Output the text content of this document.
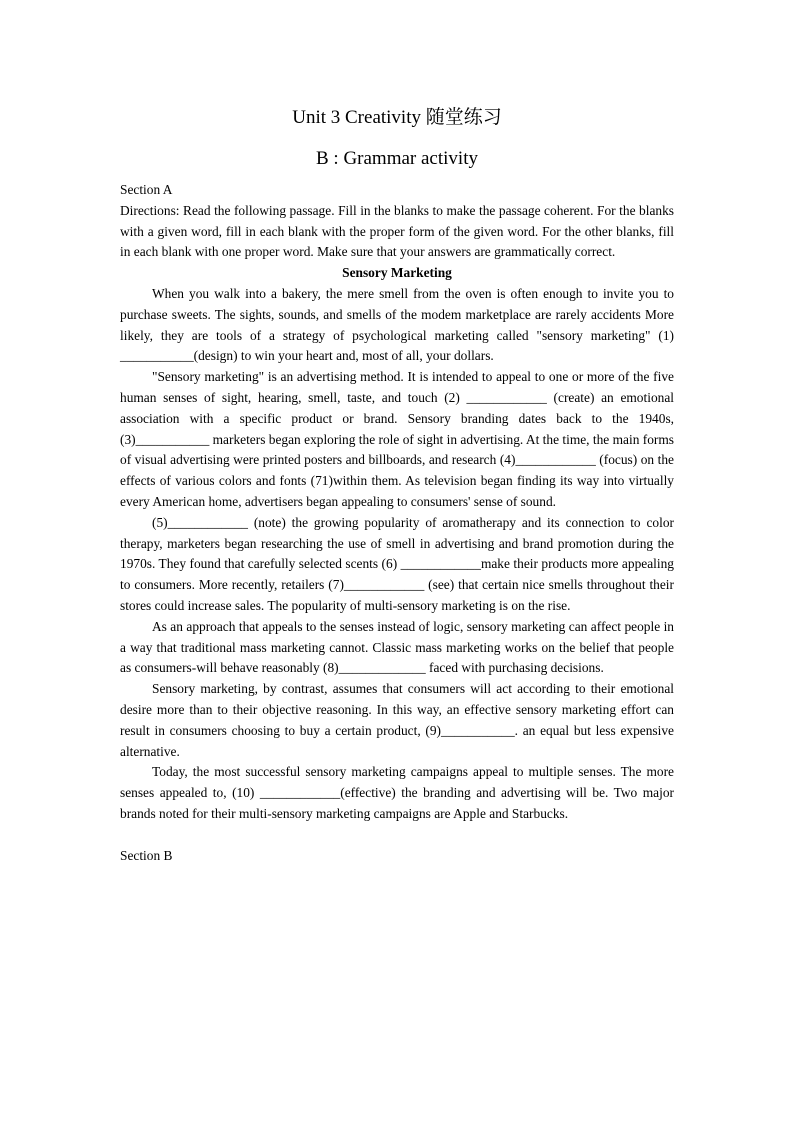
Unit 3 Creativity 随堂练习
B : Grammar activity

Section A

Directions: Read the following passage. Fill in the blanks to make the passage coherent. For the blanks with a given word, fill in each blank with the proper form of the given word. For the other blanks, fill in each blank with one proper word. Make sure that your answers are grammatically correct.

Sensory Marketing

When you walk into a bakery, the mere smell from the oven is often enough to invite you to purchase sweets. The sights, sounds, and smells of the modem marketplace are rarely accidents More likely, they are tools of a strategy of psychological marketing called "sensory marketing" (1) ___________(design) to win your heart and, most of all, your dollars.

"Sensory marketing" is an advertising method. It is intended to appeal to one or more of the five human senses of sight, hearing, smell, taste, and touch (2) ____________ (create) an emotional association with a specific product or brand. Sensory branding dates back to the 1940s, (3)___________ marketers began exploring the role of sight in advertising. At the time, the main forms of visual advertising were printed posters and billboards, and research (4)____________ (focus) on the effects of various colors and fonts (71)within them. As television began finding its way into virtually every American home, advertisers began appealing to consumers' sense of sound.

(5)____________ (note) the growing popularity of aromatherapy and its connection to color therapy, marketers began researching the use of smell in advertising and brand promotion during the 1970s. They found that carefully selected scents (6) ____________make their products more appealing to consumers. More recently, retailers (7)____________ (see) that certain nice smells throughout their stores could increase sales. The popularity of multi-sensory marketing is on the rise.

As an approach that appeals to the senses instead of logic, sensory marketing can affect people in a way that traditional mass marketing cannot. Classic mass marketing works on the belief that people as consumers-will behave reasonably (8)_____________ faced with purchasing decisions.

Sensory marketing, by contrast, assumes that consumers will act according to their emotional desire more than to their objective reasoning. In this way, an effective sensory marketing effort can result in consumers choosing to buy a certain product, (9)___________. an equal but less expensive alternative.

Today, the most successful sensory marketing campaigns appeal to multiple senses. The more senses appealed to, (10) ____________(effective) the branding and advertising will be. Two major brands noted for their multi-sensory marketing campaigns are Apple and Starbucks.

Section B
